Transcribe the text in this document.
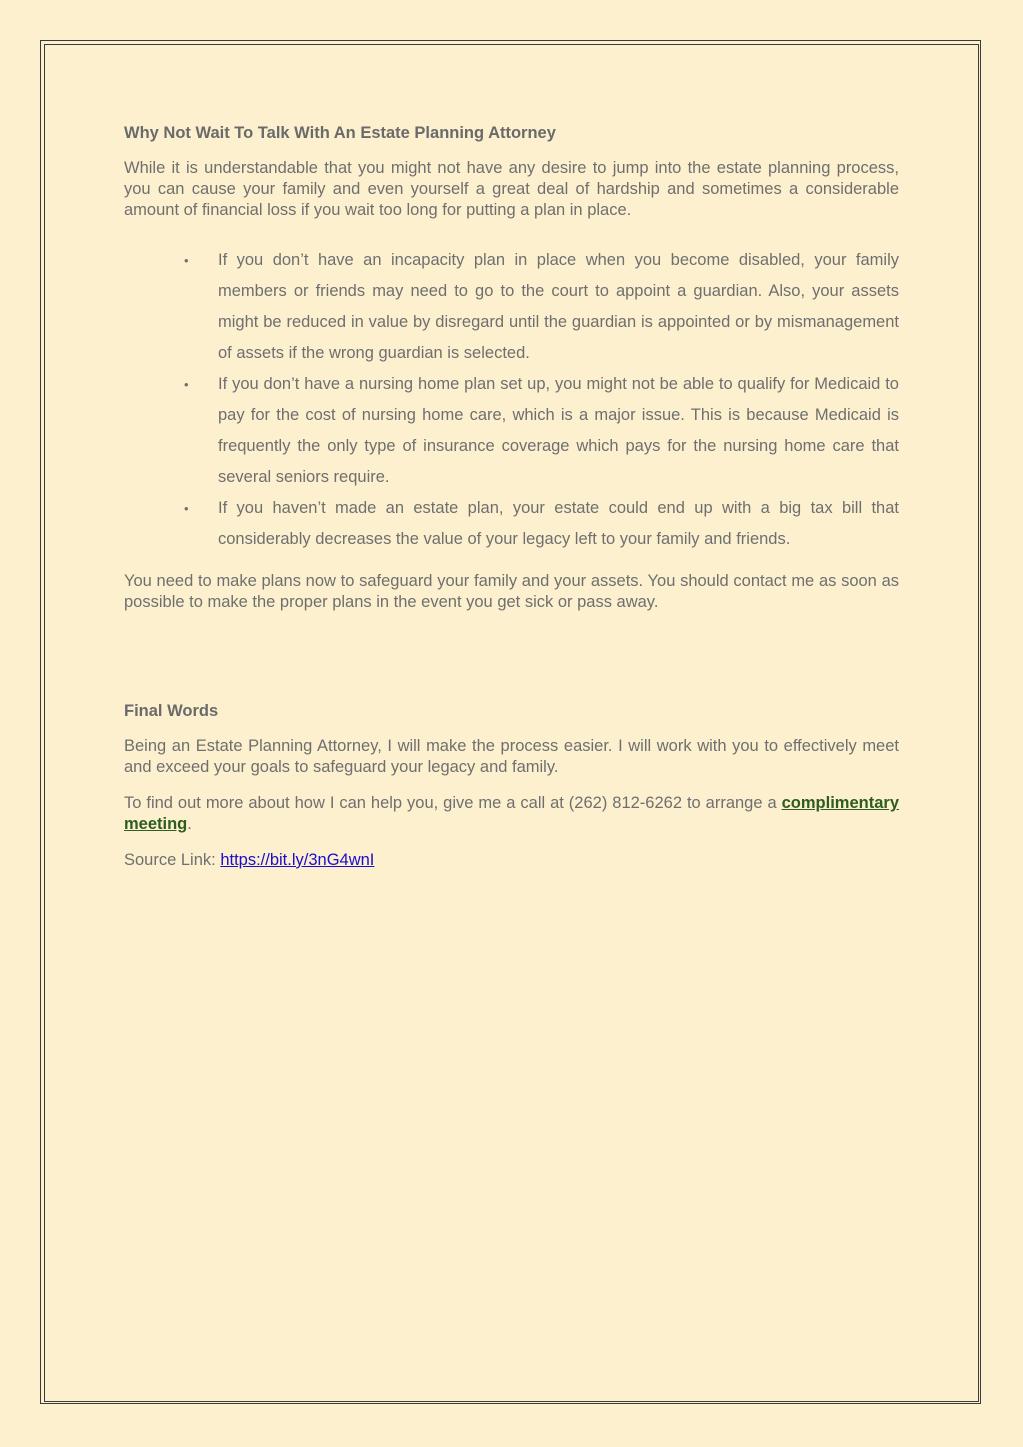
Why Not Wait To Talk With An Estate Planning Attorney

While it is understandable that you might not have any desire to jump into the estate planning process, you can cause your family and even yourself a great deal of hardship and sometimes a considerable amount of financial loss if you wait too long for putting a plan in place.

• If you don’t have an incapacity plan in place when you become disabled, your family members or friends may need to go to the court to appoint a guardian. Also, your assets might be reduced in value by disregard until the guardian is appointed or by mismanagement of assets if the wrong guardian is selected.
• If you don’t have a nursing home plan set up, you might not be able to qualify for Medicaid to pay for the cost of nursing home care, which is a major issue. This is because Medicaid is frequently the only type of insurance coverage which pays for the nursing home care that several seniors require.
• If you haven’t made an estate plan, your estate could end up with a big tax bill that considerably decreases the value of your legacy left to your family and friends.

You need to make plans now to safeguard your family and your assets. You should contact me as soon as possible to make the proper plans in the event you get sick or pass away.

Final Words

Being an Estate Planning Attorney, I will make the process easier. I will work with you to effectively meet and exceed your goals to safeguard your legacy and family.

To find out more about how I can help you, give me a call at (262) 812-6262 to arrange a complimentary meeting.

Source Link: https://bit.ly/3nG4wnI
